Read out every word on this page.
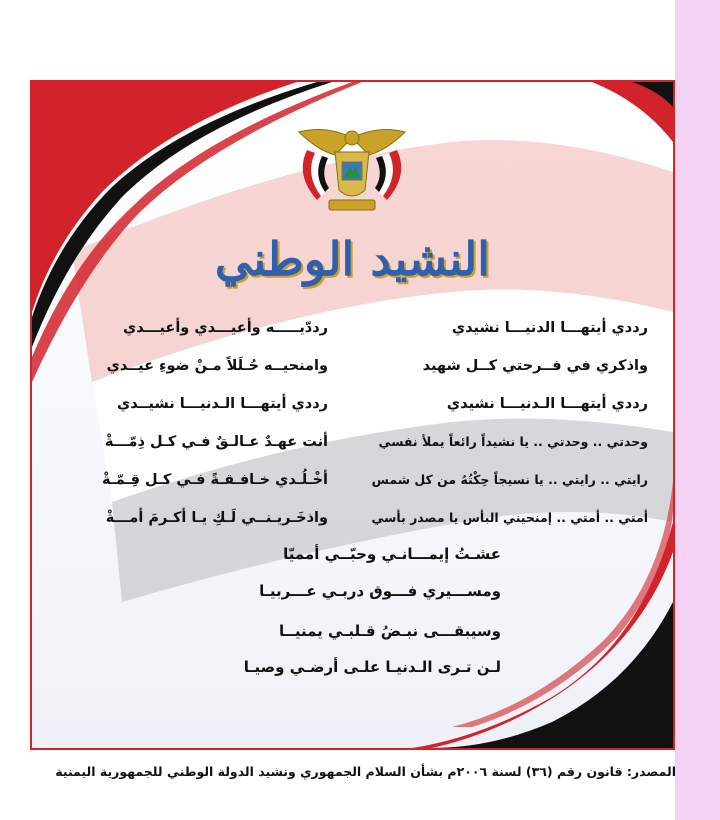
النشيد الوطني
رددي أيتهـــا الدنيـــا نشيدي
رددّيـــــه وأعيـــدي وأعيـــدي
واذكري في فــرحتي كــل شهيد
وامنحيــه حُـلَلاً مـنْ ضوءِ عيــدي
رددي أيتهـــا الـدنيـــا نشيدي
رددي أيتهـــا الـدنيـــا نشيــدي
وحدتي .. وحدتي .. يا نشيداً رائعاً يملأ نفسي
أنت عهـدٌ عـالـقٌ فـي كـل ذِمّـــةْ
رايتي .. رايتي .. يا نسيجاً حِكْتُهُ من كل شمس
أخْـلُـدي خـافـقـةً فـي كـل قِـمّـةْ
أمتي .. أمتي .. إمنحيني البأس يا مصدر بأسي
واذخَـريـنــي لَـكِ يـا أكـرمَ أمـــةْ
عشـتُ إيمـــانـي وحبّــي أمميّا
ومســـيري فـــوق دربـي عـــربيـا
وسيبقـــى نبـضُ قـلبـي يمنيــا
لـن تـرى الـدنيـا علـى أرضـي وصيـا
المصدر: قانون رقم (٣٦) لسنة ٢٠٠٦م بشأن السلام الجمهوري ونشيد الدولة الوطني للجمهورية اليمنية
